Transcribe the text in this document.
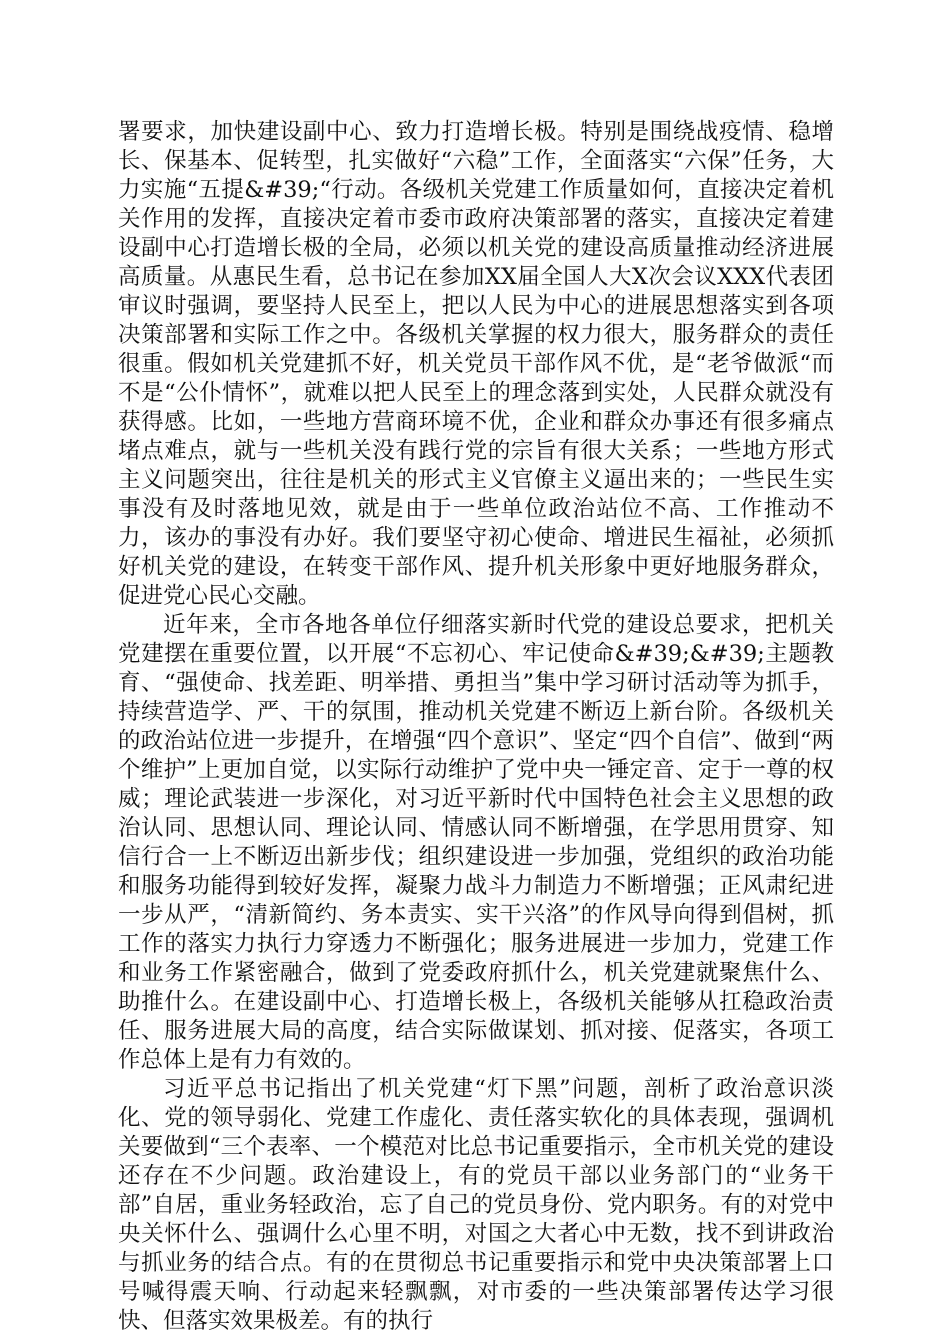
署要求，加快建设副中心、致力打造增长极。特别是围绕战疫情、稳增长、保基本、促转型，扎实做好“六稳”工作，全面落实“六保”任务，大力实施“五提&#39;“行动。各级机关党建工作质量如何，直接决定着机关作用的发挥，直接决定着市委市政府决策部署的落实，直接决定着建设副中心打造增长极的全局，必须以机关党的建设高质量推动经济进展高质量。从惠民生看，总书记在参加XX届全国人大X次会议XXX代表团审议时强调，要坚持人民至上，把以人民为中心的进展思想落实到各项决策部署和实际工作之中。各级机关掌握的权力很大，服务群众的责任很重。假如机关党建抓不好，机关党员干部作风不优，是“老爷做派“而不是“公仆情怀”，就难以把人民至上的理念落到实处，人民群众就没有获得感。比如，一些地方营商环境不优，企业和群众办事还有很多痛点堵点难点，就与一些机关没有践行党的宗旨有很大关系；一些地方形式主义问题突出，往往是机关的形式主义官僚主义逼出来的；一些民生实事没有及时落地见效，就是由于一些单位政治站位不高、工作推动不力，该办的事没有办好。我们要坚守初心使命、增进民生福祉，必须抓好机关党的建设，在转变干部作风、提升机关形象中更好地服务群众，促进党心民心交融。

近年来，全市各地各单位仔细落实新时代党的建设总要求，把机关党建摆在重要位置，以开展“不忘初心、牢记使命&#39;&#39;主题教育、“强使命、找差距、明举措、勇担当”集中学习研讨活动等为抓手，持续营造学、严、干的氛围，推动机关党建不断迈上新台阶。各级机关的政治站位进一步提升，在增强“四个意识”、坚定“四个自信”、做到“两个维护”上更加自觉，以实际行动维护了党中央一锤定音、定于一尊的权威；理论武装进一步深化，对习近平新时代中国特色社会主义思想的政治认同、思想认同、理论认同、情感认同不断增强，在学思用贯穿、知信行合一上不断迈出新步伐；组织建设进一步加强，党组织的政治功能和服务功能得到较好发挥，凝聚力战斗力制造力不断增强；正风肃纪进一步从严，“清新简约、务本责实、实干兴洛”的作风导向得到倡树，抓工作的落实力执行力穿透力不断强化；服务进展进一步加力，党建工作和业务工作紧密融合，做到了党委政府抓什么，机关党建就聚焦什么、助推什么。在建设副中心、打造增长极上，各级机关能够从扛稳政治责任、服务进展大局的高度，结合实际做谋划、抓对接、促落实，各项工作总体上是有力有效的。

习近平总书记指出了机关党建“灯下黑”问题，剖析了政治意识淡化、党的领导弱化、党建工作虚化、责任落实软化的具体表现，强调机关要做到“三个表率、一个模范对比总书记重要指示，全市机关党的建设还存在不少问题。政治建设上，有的党员干部以业务部门的“业务干部”自居，重业务轻政治，忘了自己的党员身份、党内职务。有的对党中央关怀什么、强调什么心里不明，对国之大者心中无数，找不到讲政治与抓业务的结合点。有的在贯彻总书记重要指示和党中央决策部署上口号喊得震天响、行动起来轻飘飘，对市委的一些决策部署传达学习很快、但落实效果极差。有的执行
